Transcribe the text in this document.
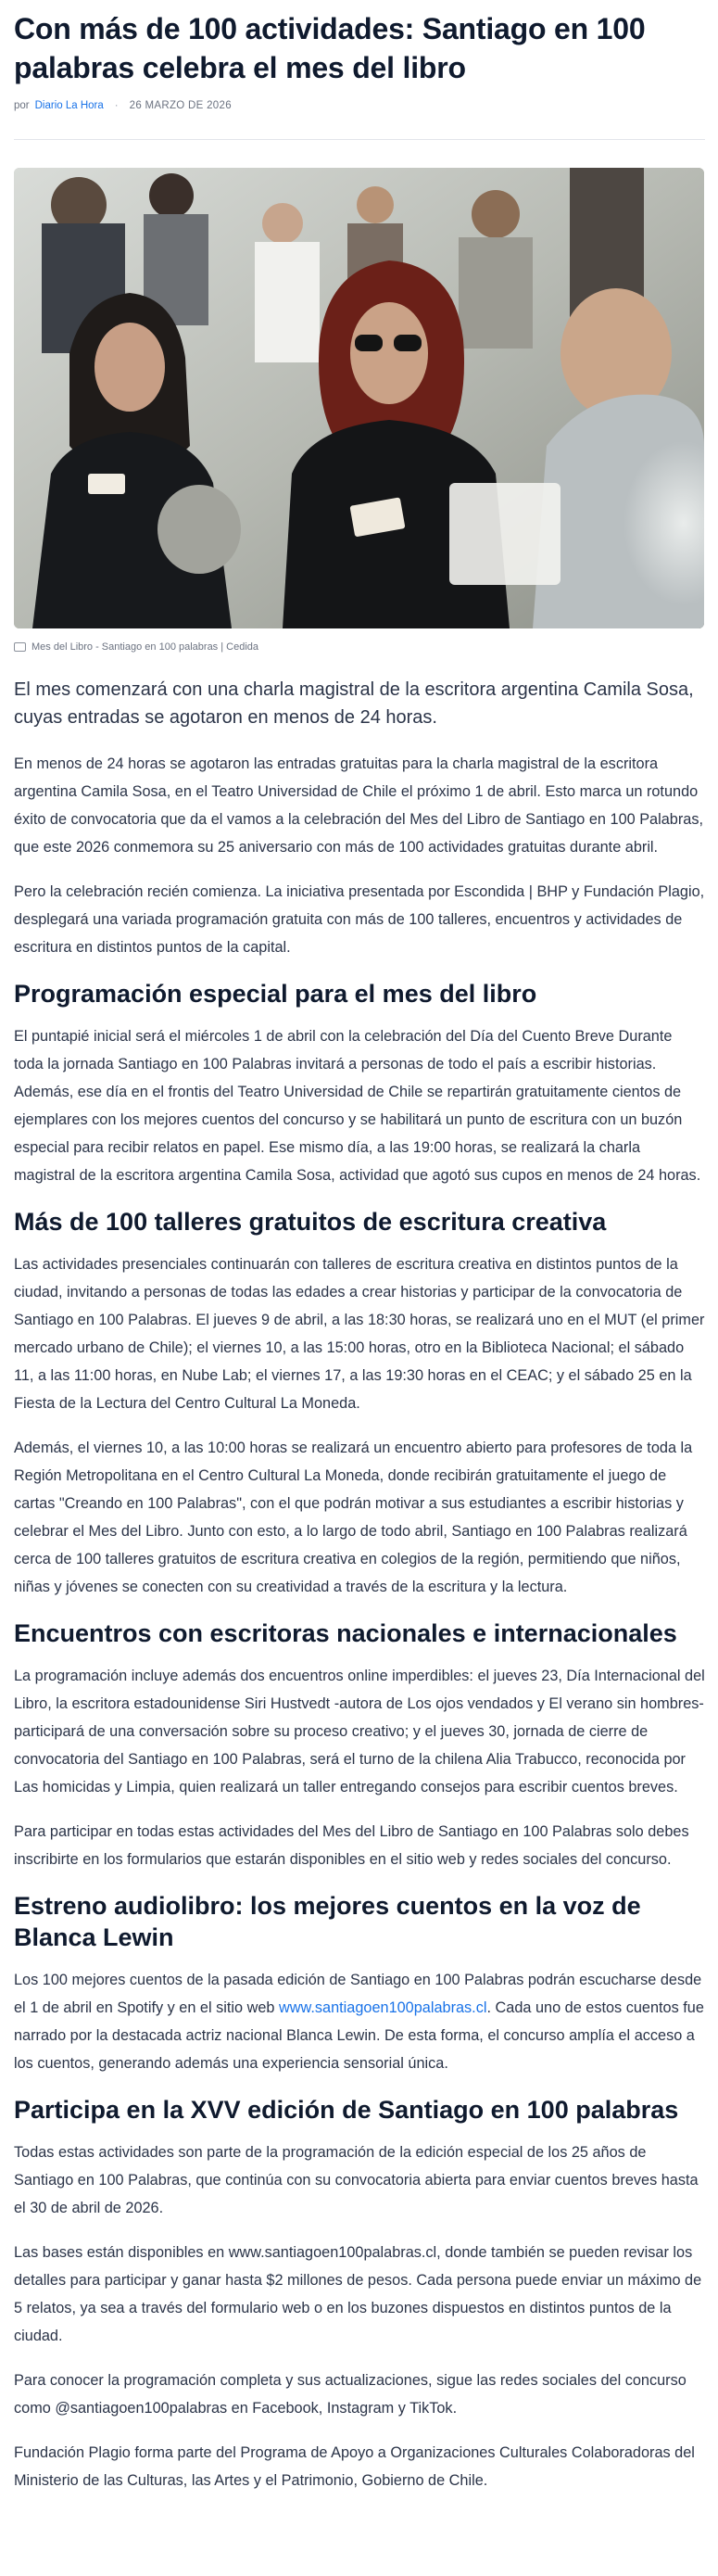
Con más de 100 actividades: Santiago en 100 palabras celebra el mes del libro
por Diario La Hora	·	26 MARZO DE 2026
Mes del Libro - Santiago en 100 palabras | Cedida

El mes comenzará con una charla magistral de la escritora argentina Camila Sosa, cuyas entradas se agotaron en menos de 24 horas.

En menos de 24 horas se agotaron las entradas gratuitas para la charla magistral de la escritora argentina Camila Sosa, en el Teatro Universidad de Chile el próximo 1 de abril. Esto marca un rotundo éxito de convocatoria que da el vamos a la celebración del Mes del Libro de Santiago en 100 Palabras, que este 2026 conmemora su 25 aniversario con más de 100 actividades gratuitas durante abril.

Pero la celebración recién comienza. La iniciativa presentada por Escondida | BHP y Fundación Plagio, desplegará una variada programación gratuita con más de 100 talleres, encuentros y actividades de escritura en distintos puntos de la capital.

Programación especial para el mes del libro

El puntapié inicial será el miércoles 1 de abril con la celebración del Día del Cuento Breve Durante toda la jornada Santiago en 100 Palabras invitará a personas de todo el país a escribir historias. Además, ese día en el frontis del Teatro Universidad de Chile se repartirán gratuitamente cientos de ejemplares con los mejores cuentos del concurso y se habilitará un punto de escritura con un buzón especial para recibir relatos en papel. Ese mismo día, a las 19:00 horas, se realizará la charla magistral de la escritora argentina Camila Sosa, actividad que agotó sus cupos en menos de 24 horas.

Más de 100 talleres gratuitos de escritura creativa

Las actividades presenciales continuarán con talleres de escritura creativa en distintos puntos de la ciudad, invitando a personas de todas las edades a crear historias y participar de la convocatoria de Santiago en 100 Palabras. El jueves 9 de abril, a las 18:30 horas, se realizará uno en el MUT (el primer mercado urbano de Chile); el viernes 10, a las 15:00 horas, otro en la Biblioteca Nacional; el sábado 11, a las 11:00 horas, en Nube Lab; el viernes 17, a las 19:30 horas en el CEAC; y el sábado 25 en la Fiesta de la Lectura del Centro Cultural La Moneda.

Además, el viernes 10, a las 10:00 horas se realizará un encuentro abierto para profesores de toda la Región Metropolitana en el Centro Cultural La Moneda, donde recibirán gratuitamente el juego de cartas "Creando en 100 Palabras", con el que podrán motivar a sus estudiantes a escribir historias y celebrar el Mes del Libro. Junto con esto, a lo largo de todo abril, Santiago en 100 Palabras realizará cerca de 100 talleres gratuitos de escritura creativa en colegios de la región, permitiendo que niños, niñas y jóvenes se conecten con su creatividad a través de la escritura y la lectura.

Encuentros con escritoras nacionales e internacionales

La programación incluye además dos encuentros online imperdibles: el jueves 23, Día Internacional del Libro, la escritora estadounidense Siri Hustvedt -autora de Los ojos vendados y El verano sin hombres- participará de una conversación sobre su proceso creativo; y el jueves 30, jornada de cierre de convocatoria del Santiago en 100 Palabras, será el turno de la chilena Alia Trabucco, reconocida por Las homicidas y Limpia, quien realizará un taller entregando consejos para escribir cuentos breves.

Para participar en todas estas actividades del Mes del Libro de Santiago en 100 Palabras solo debes inscribirte en los formularios que estarán disponibles en el sitio web y redes sociales del concurso.

Estreno audiolibro: los mejores cuentos en la voz de Blanca Lewin

Los 100 mejores cuentos de la pasada edición de Santiago en 100 Palabras podrán escucharse desde el 1 de abril en Spotify y en el sitio web www.santiagoen100palabras.cl. Cada uno de estos cuentos fue narrado por la destacada actriz nacional Blanca Lewin. De esta forma, el concurso amplía el acceso a los cuentos, generando además una experiencia sensorial única.

Participa en la XVV edición de Santiago en 100 palabras

Todas estas actividades son parte de la programación de la edición especial de los 25 años de Santiago en 100 Palabras, que continúa con su convocatoria abierta para enviar cuentos breves hasta el 30 de abril de 2026.

Las bases están disponibles en www.santiagoen100palabras.cl, donde también se pueden revisar los detalles para participar y ganar hasta $2 millones de pesos. Cada persona puede enviar un máximo de 5 relatos, ya sea a través del formulario web o en los buzones dispuestos en distintos puntos de la ciudad.

Para conocer la programación completa y sus actualizaciones, sigue las redes sociales del concurso como @santiagoen100palabras en Facebook, Instagram y TikTok.

Fundación Plagio forma parte del Programa de Apoyo a Organizaciones Culturales Colaboradoras del Ministerio de las Culturas, las Artes y el Patrimonio, Gobierno de Chile.
